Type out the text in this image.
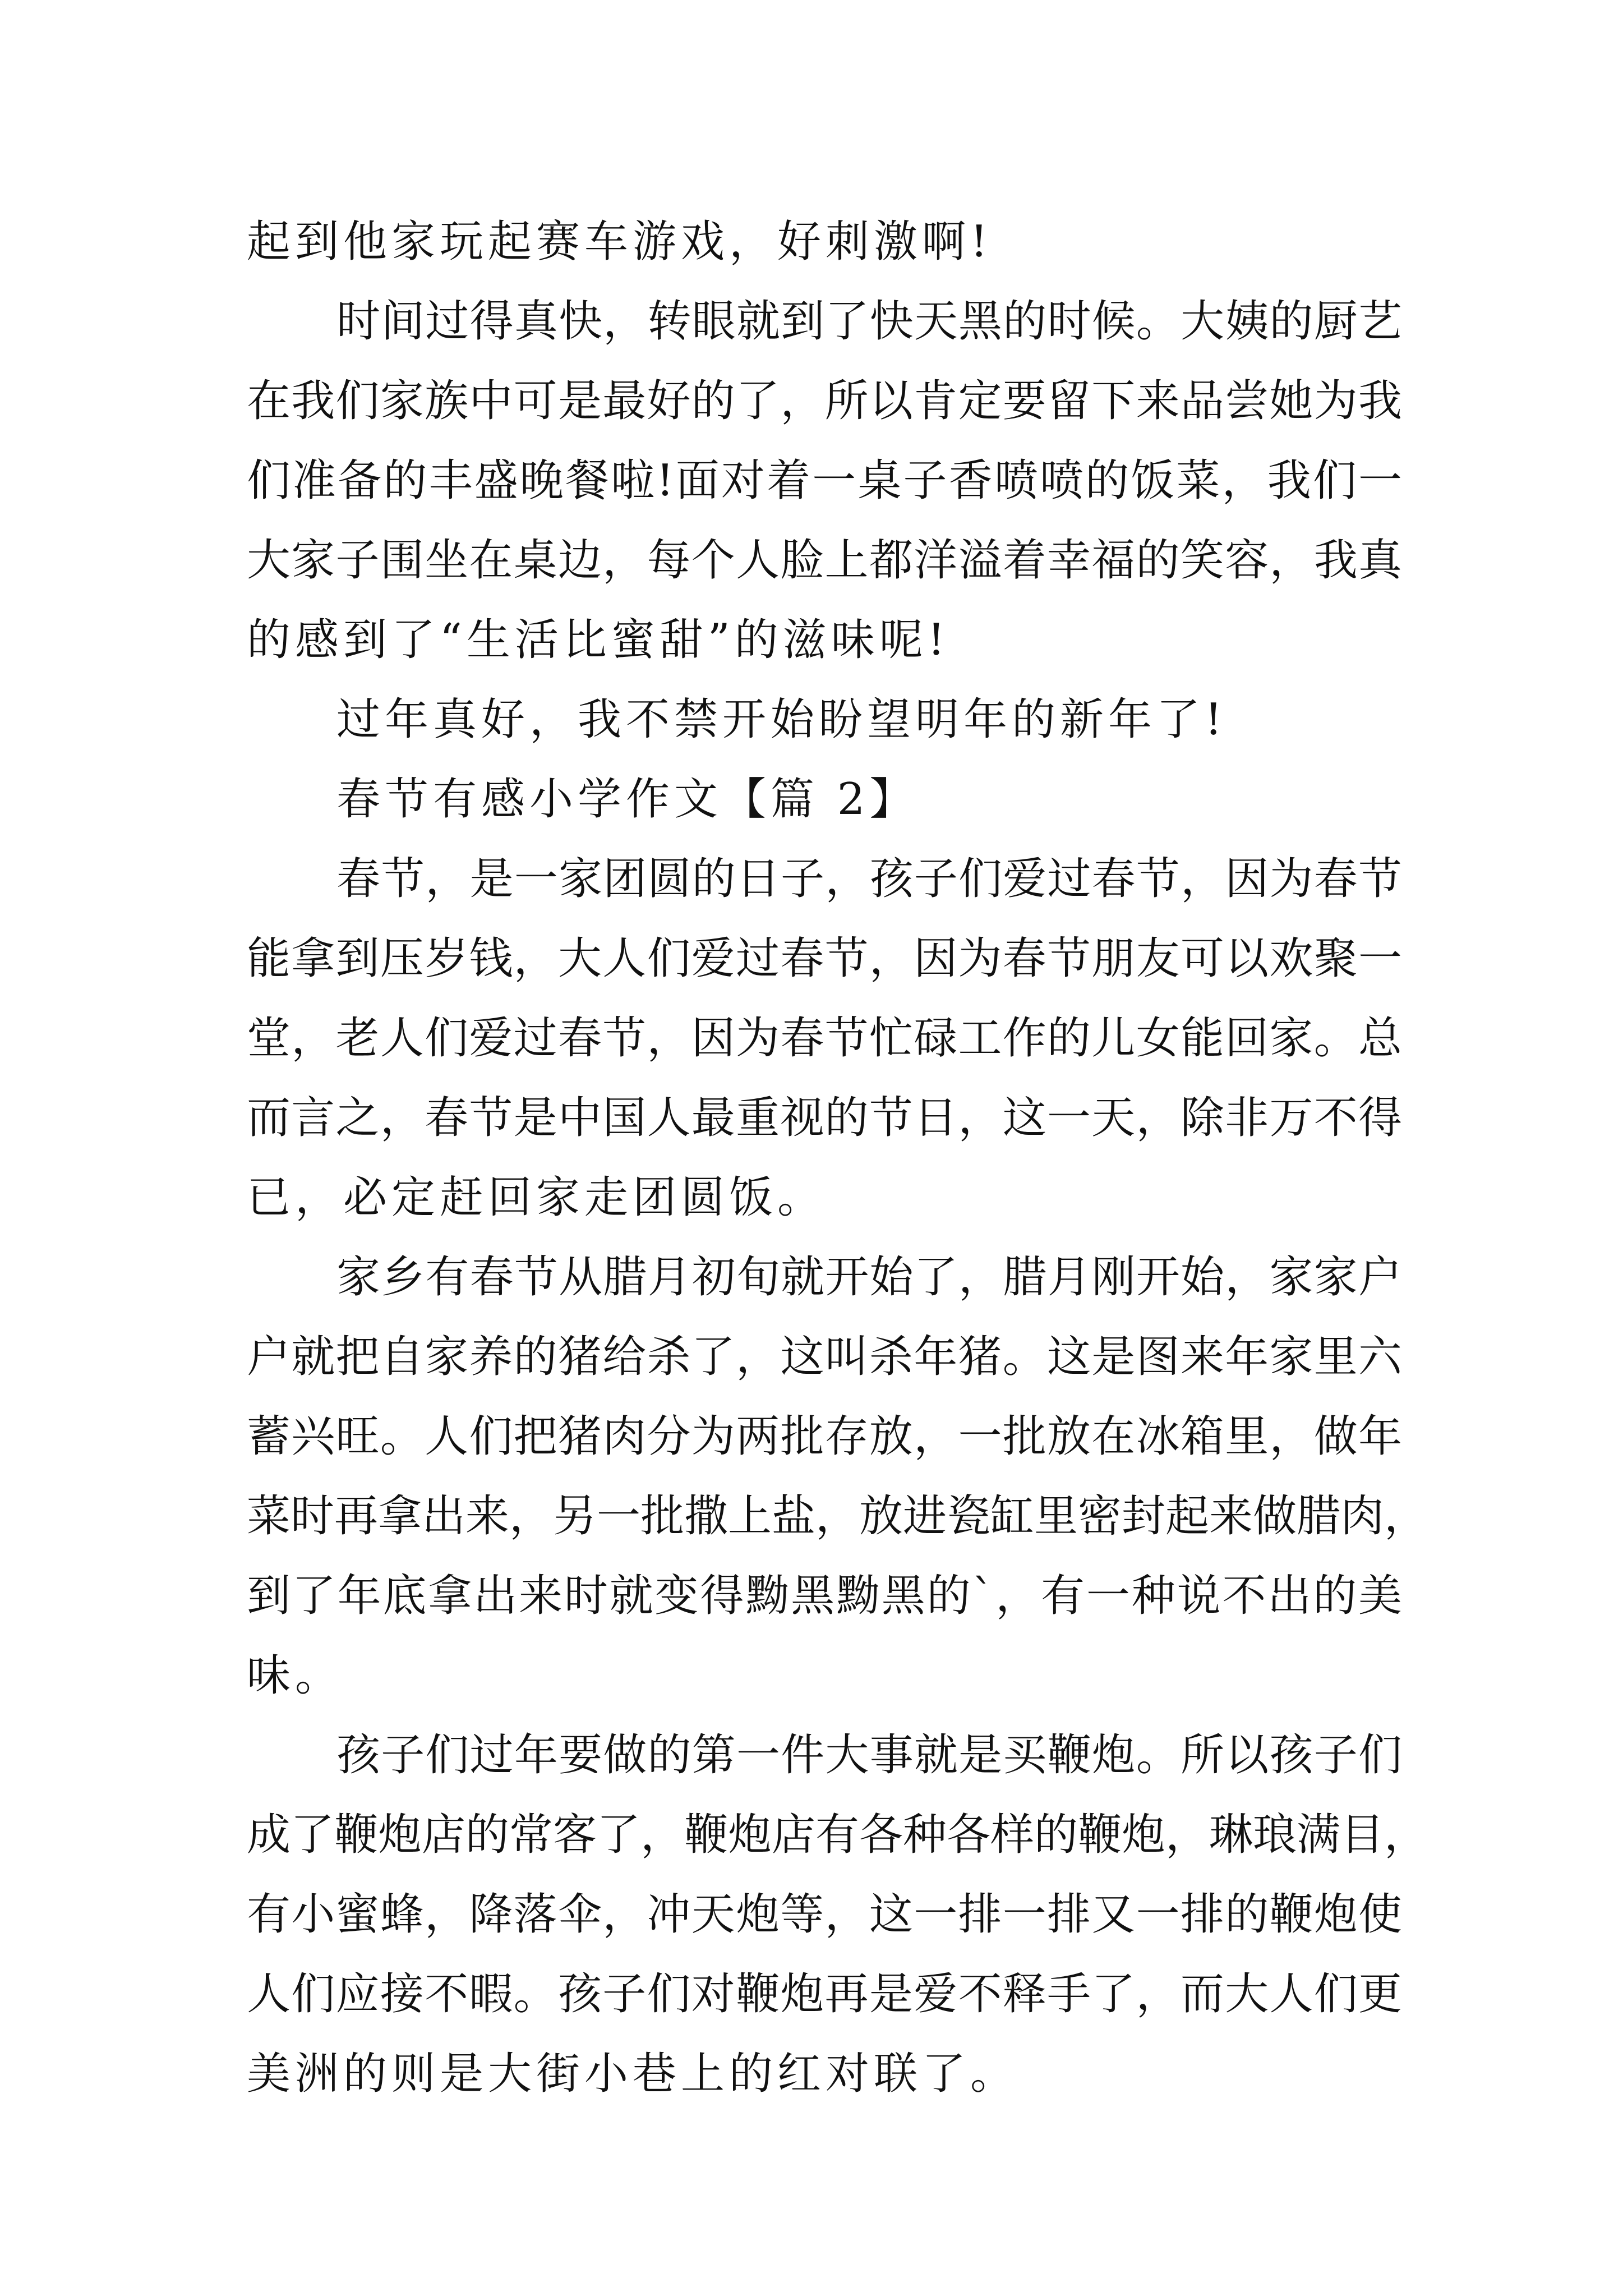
起到他家玩起赛车游戏，好刺激啊!
时间过得真快，转眼就到了快天黑的时候。大姨的厨艺
在我们家族中可是最好的了，所以肯定要留下来品尝她为我
们准备的丰盛晚餐啦!面对着一桌子香喷喷的饭菜，我们一
大家子围坐在桌边，每个人脸上都洋溢着幸福的笑容，我真
的感到了“生活比蜜甜”的滋味呢!
过年真好，我不禁开始盼望明年的新年了!
春节有感小学作文【篇 2】
春节，是一家团圆的日子，孩子们爱过春节，因为春节
能拿到压岁钱，大人们爱过春节，因为春节朋友可以欢聚一
堂，老人们爱过春节，因为春节忙碌工作的儿女能回家。总
而言之，春节是中国人最重视的节日，这一天，除非万不得
已，必定赶回家走团圆饭。
家乡有春节从腊月初旬就开始了，腊月刚开始，家家户
户就把自家养的猪给杀了，这叫杀年猪。这是图来年家里六
蓄兴旺。人们把猪肉分为两批存放，一批放在冰箱里，做年
菜时再拿出来，另一批撒上盐，放进瓷缸里密封起来做腊肉，
到了年底拿出来时就变得黝黑黝黑的`，有一种说不出的美
味。
孩子们过年要做的第一件大事就是买鞭炮。所以孩子们
成了鞭炮店的常客了，鞭炮店有各种各样的鞭炮，琳琅满目，
有小蜜蜂，降落伞，冲天炮等，这一排一排又一排的鞭炮使
人们应接不暇。孩子们对鞭炮再是爱不释手了，而大人们更
美洲的则是大街小巷上的红对联了。
